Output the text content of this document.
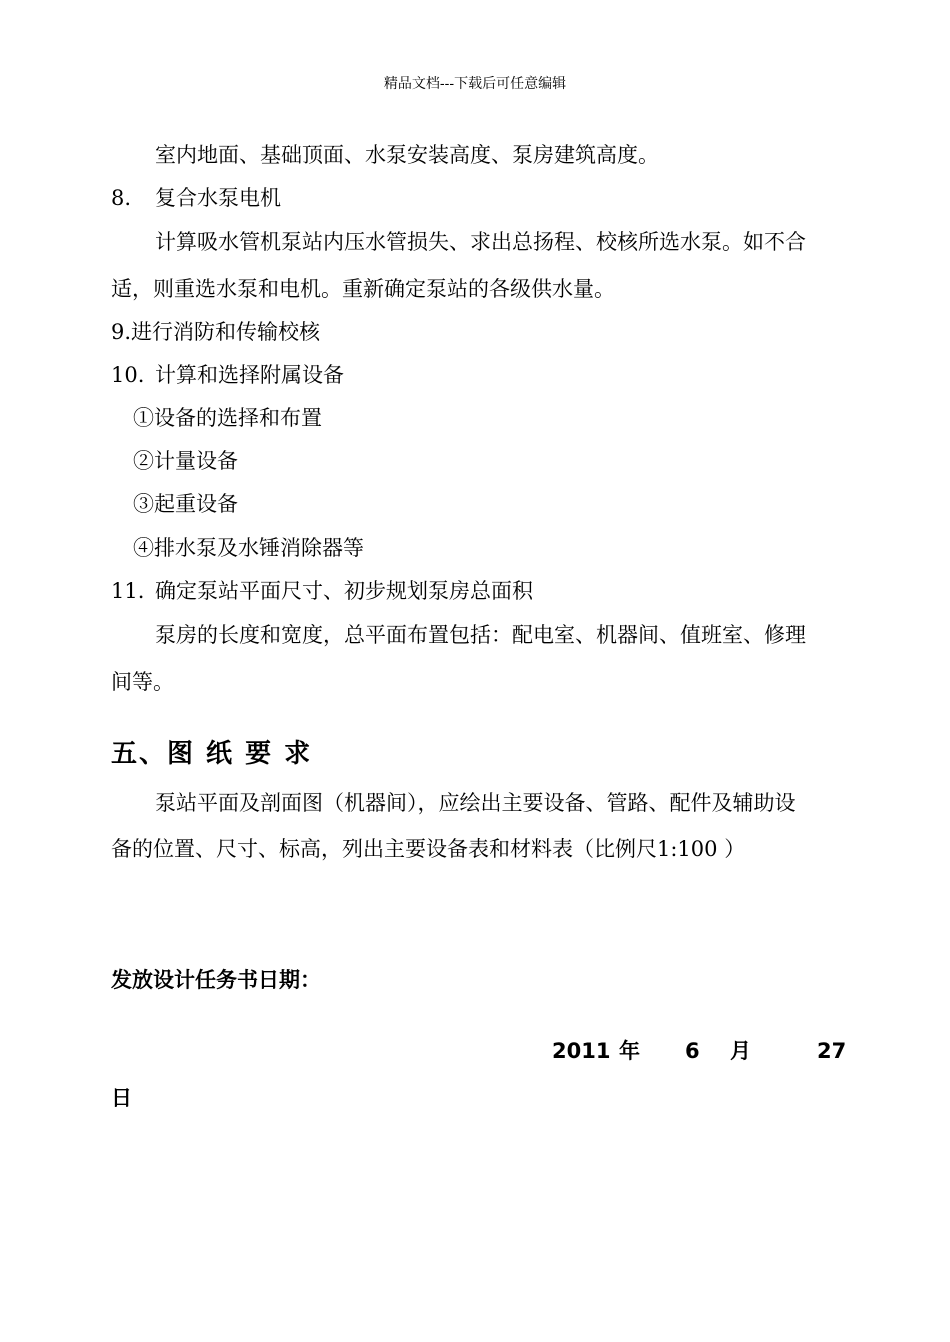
精品文档---下载后可任意编辑
室内地面、基础顶面、水泵安装高度、泵房建筑高度。
8. 复合水泵电机
计算吸水管机泵站内压水管损失、求出总扬程、校核所选水泵。如不合
适，则重选水泵和电机。重新确定泵站的各级供水量。
9.进行消防和传输校核
10. 计算和选择附属设备
①设备的选择和布置
②计量设备
③起重设备
④排水泵及水锤消除器等
11. 确定泵站平面尺寸、初步规划泵房总面积
泵房的长度和宽度，总平面布置包括：配电室、机器间、值班室、修理
间等。
五、图 纸 要 求
泵站平面及剖面图（机器间），应绘出主要设备、管路、配件及辅助设
备的位置、尺寸、标高，列出主要设备表和材料表（比例尺1:100 ）
发放设计任务书日期：
2011 年 6 月	27
日
